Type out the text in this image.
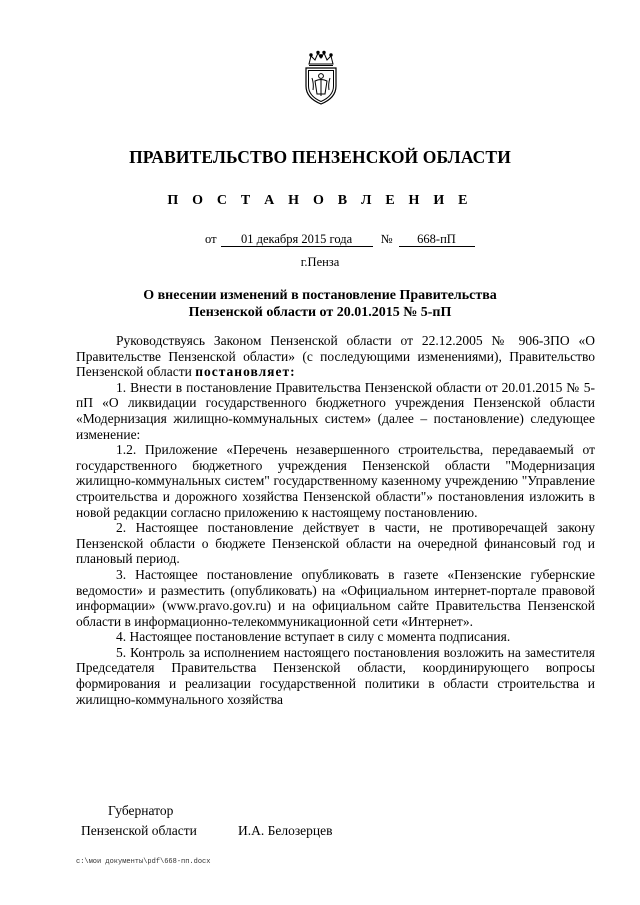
ПРАВИТЕЛЬСТВО ПЕНЗЕНСКОЙ ОБЛАСТИ
П О С Т А Н О В Л Е Н И Е
от 01 декабря 2015 года № 668-пП
г.Пенза
О внесении изменений в постановление Правительства
Пензенской области от 20.01.2015 № 5-пП

Руководствуясь Законом Пензенской области от 22.12.2005 № 906-ЗПО «О Правительстве Пензенской области» (с последующими изменениями), Правительство Пензенской области постановляет:

1. Внести в постановление Правительства Пензенской области от 20.01.2015 № 5-пП «О ликвидации государственного бюджетного учреждения Пензенской области «Модернизация жилищно-коммунальных систем» (далее – постановление) следующее изменение:

1.2. Приложение «Перечень незавершенного строительства, передаваемый от государственного бюджетного учреждения Пензенской области "Модернизация жилищно-коммунальных систем" государственному казенному учреждению "Управление строительства и дорожного хозяйства Пензенской области"» постановления изложить в новой редакции согласно приложению к настоящему постановлению.

2. Настоящее постановление действует в части, не противоречащей закону Пензенской области о бюджете Пензенской области на очередной финансовый год и плановый период.

3. Настоящее постановление опубликовать в газете «Пензенские губернские ведомости» и разместить (опубликовать) на «Официальном интернет-портале правовой информации» (www.pravo.gov.ru) и на официальном сайте Правительства Пензенской области в информационно-телекоммуникационной сети «Интернет».

4. Настоящее постановление вступает в силу с момента подписания.

5. Контроль за исполнением настоящего постановления возложить на заместителя Председателя Правительства Пензенской области, координирующего вопросы формирования и реализации государственной политики в области строительства и жилищно-коммунального хозяйства

Губернатор
Пензенской области	И.А. Белозерцев
c:\мои документы\pdf\668-пп.docx
